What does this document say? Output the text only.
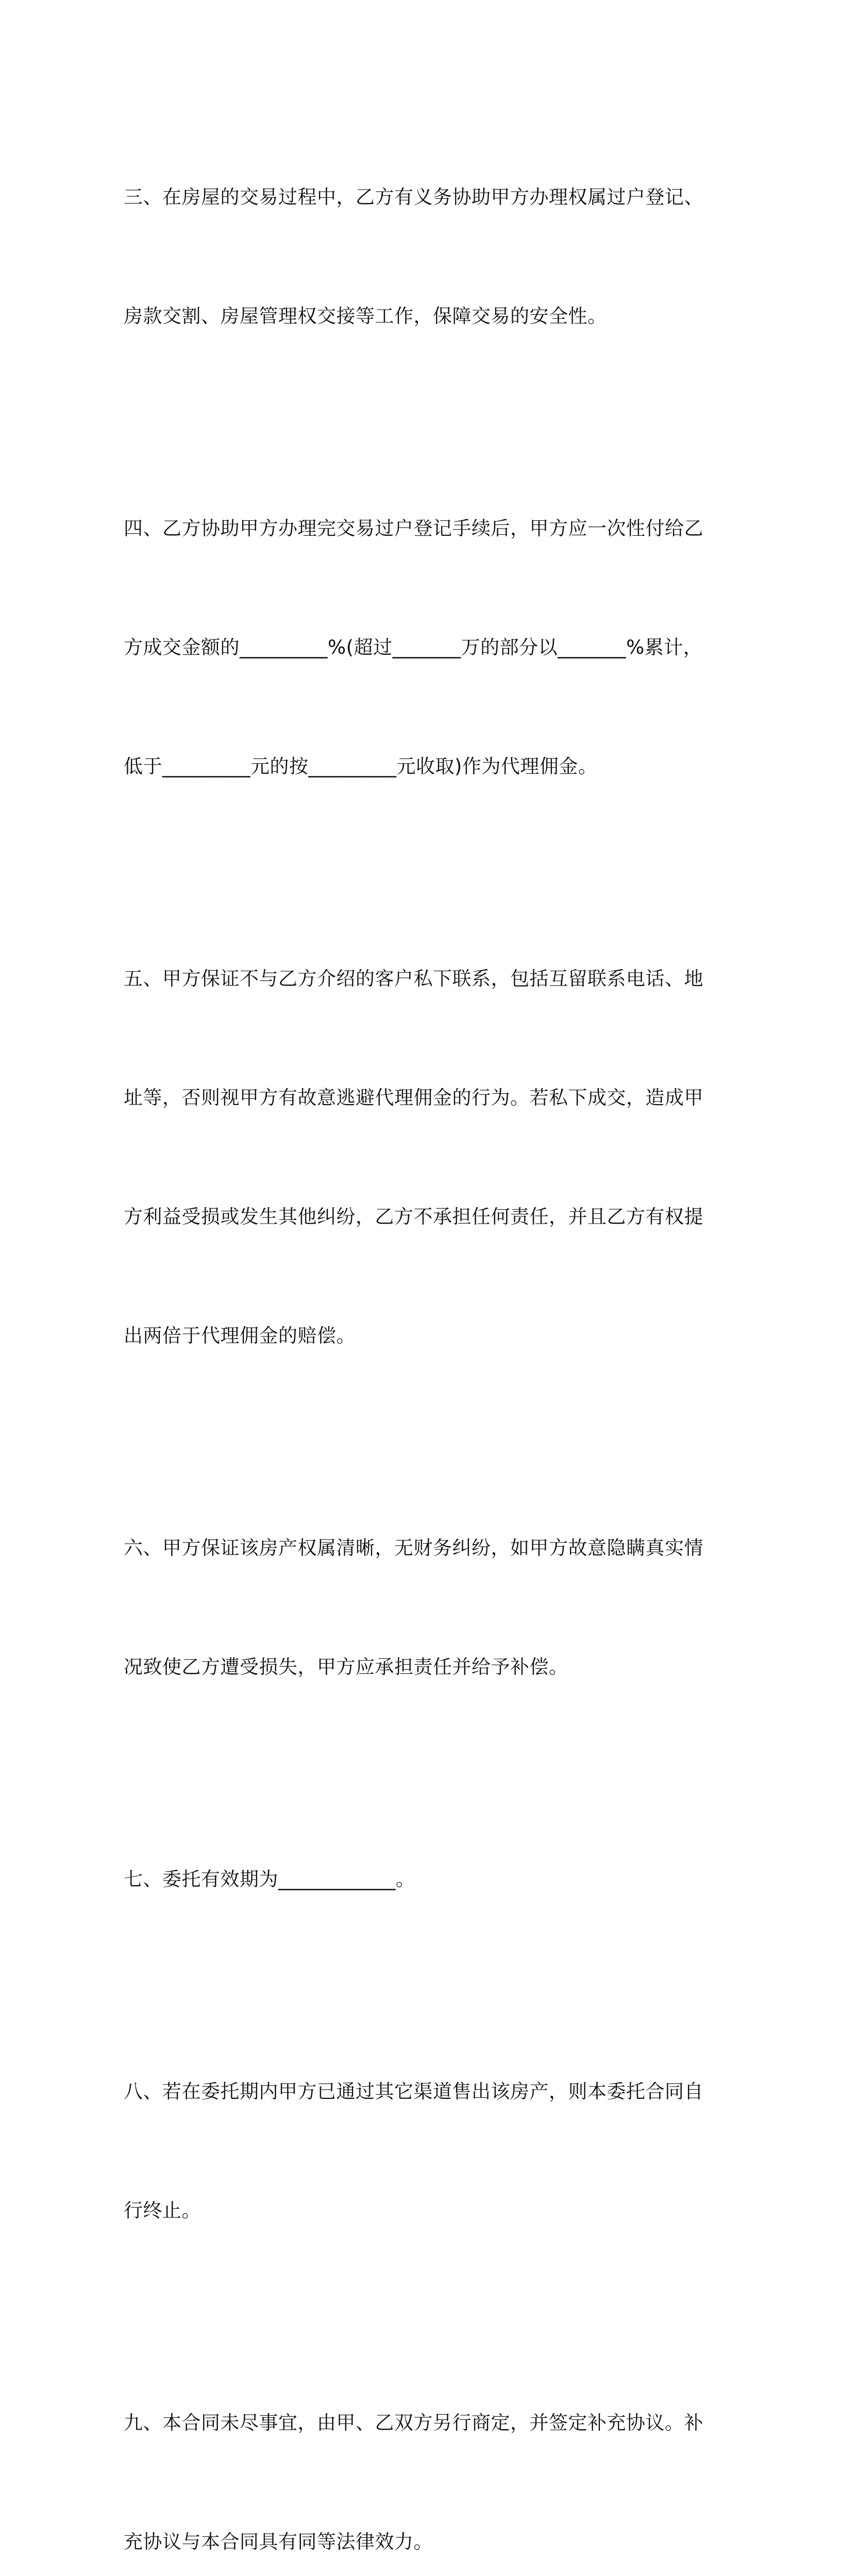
三、在房屋的交易过程中，乙方有义务协助甲方办理权属过户登记、

房款交割、房屋管理权交接等工作，保障交易的安全性。

四、乙方协助甲方办理完交易过户登记手续后，甲方应一次性付给乙

方成交金额的_________%(超过_______万的部分以_______%累计，

低于_________元的按_________元收取)作为代理佣金。

五、甲方保证不与乙方介绍的客户私下联系，包括互留联系电话、地

址等，否则视甲方有故意逃避代理佣金的行为。若私下成交，造成甲

方利益受损或发生其他纠纷，乙方不承担任何责任，并且乙方有权提

出两倍于代理佣金的赔偿。

六、甲方保证该房产权属清晰，无财务纠纷，如甲方故意隐瞒真实情

况致使乙方遭受损失，甲方应承担责任并给予补偿。

七、委托有效期为____________。

八、若在委托期内甲方已通过其它渠道售出该房产，则本委托合同自

行终止。

九、本合同未尽事宜，由甲、乙双方另行商定，并签定补充协议。补

充协议与本合同具有同等法律效力。
